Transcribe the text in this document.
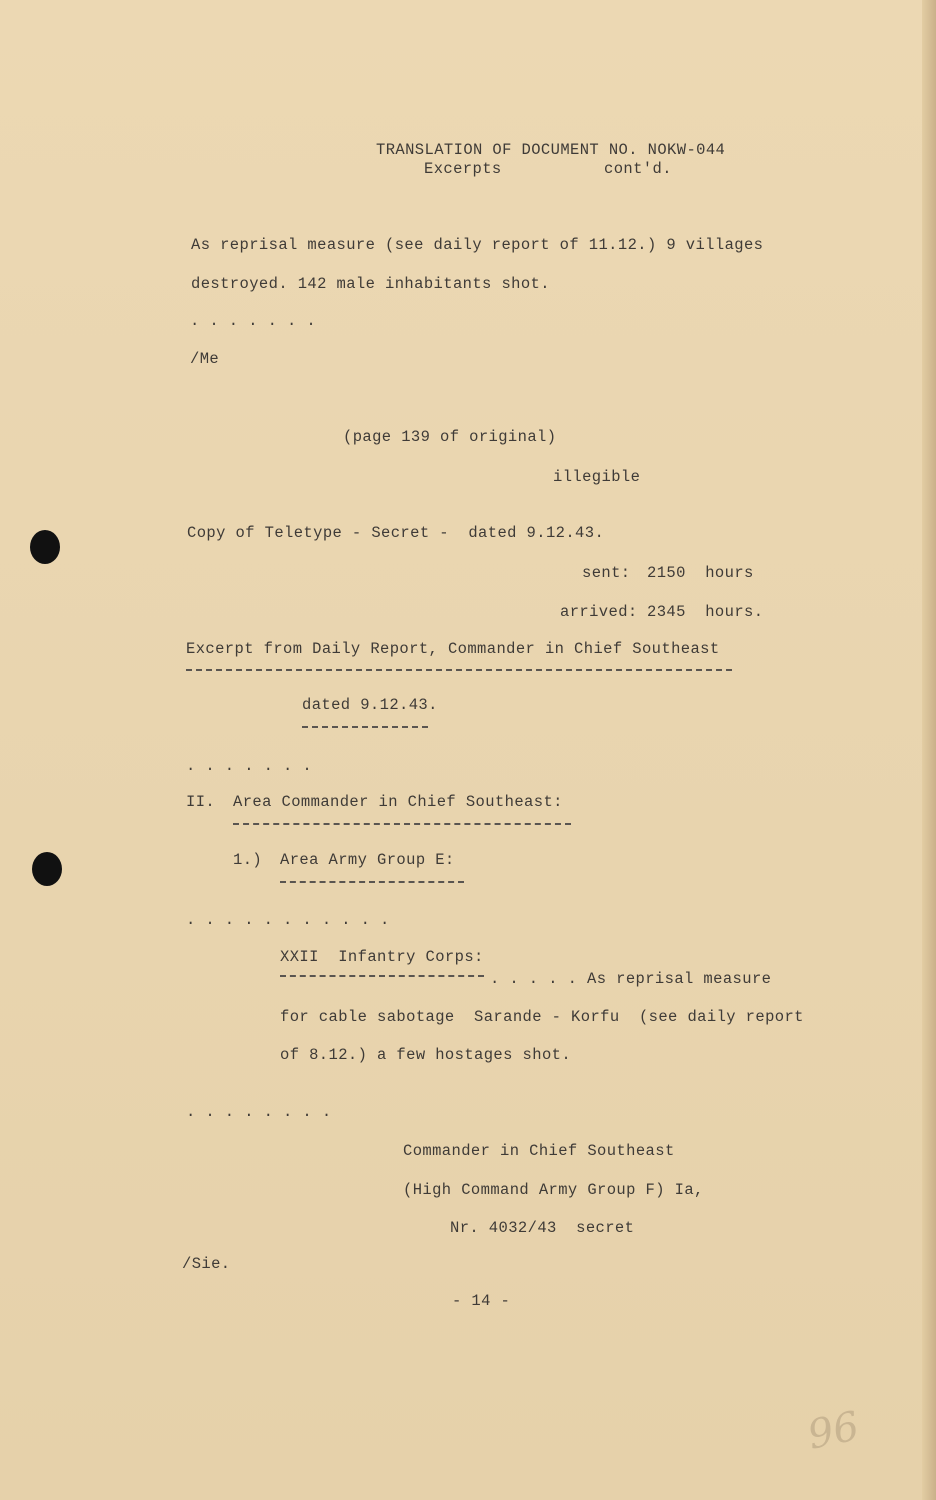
TRANSLATION OF DOCUMENT NO. NOKW-044
Excerpts	cont'd.
As reprisal measure (see daily report of 11.12.) 9 villages
destroyed. 142 male inhabitants shot.
. . . . . . .
/Me
(page 139 of original)
illegible
Copy of Teletype - Secret -  dated 9.12.43.
sent: 2150  hours
arrived: 2345  hours.
Excerpt from Daily Report, Commander in Chief Southeast
dated 9.12.43.
. . . . . . .
II. Area Commander in Chief Southeast:
1.) Area Army Group E:
. . . . . . . . . . .
XXII  Infantry Corps:
. . . . . As reprisal measure
for cable sabotage  Sarande - Korfu  (see daily report
of 8.12.) a few hostages shot.
. . . . . . . .
Commander in Chief Southeast
(High Command Army Group F) Ia,
Nr. 4032/43  secret
/Sie.
- 14 -
96
